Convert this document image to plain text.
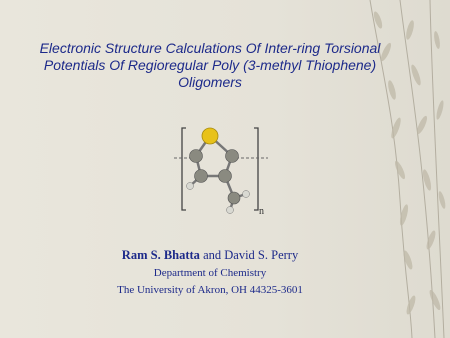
Electronic Structure Calculations Of Inter-ring Torsional Potentials Of Regioregular Poly (3-methyl Thiophene) Oligomers
n
Ram S. Bhatta and David S. Perry
Department of Chemistry
The University of Akron, OH 44325-3601
